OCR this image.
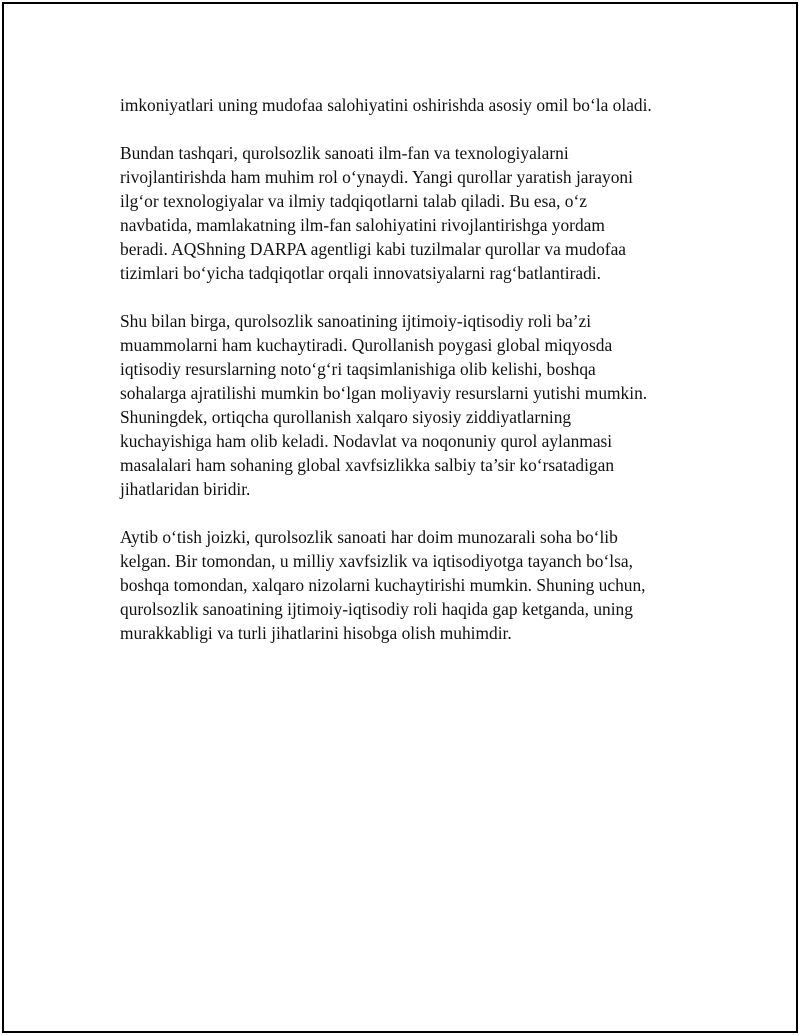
imkoniyatlari uning mudofaa salohiyatini oshirishda asosiy omil bo‘la oladi.

Bundan tashqari, qurolsozlik sanoati ilm-fan va texnologiyalarni
rivojlantirishda ham muhim rol o‘ynaydi. Yangi qurollar yaratish jarayoni
ilg‘or texnologiyalar va ilmiy tadqiqotlarni talab qiladi. Bu esa, o‘z
navbatida, mamlakatning ilm-fan salohiyatini rivojlantirishga yordam
beradi. AQShning DARPA agentligi kabi tuzilmalar qurollar va mudofaa
tizimlari bo‘yicha tadqiqotlar orqali innovatsiyalarni rag‘batlantiradi.

Shu bilan birga, qurolsozlik sanoatining ijtimoiy-iqtisodiy roli ba’zi
muammolarni ham kuchaytiradi. Qurollanish poygasi global miqyosda
iqtisodiy resurslarning noto‘g‘ri taqsimlanishiga olib kelishi, boshqa
sohalarga ajratilishi mumkin bo‘lgan moliyaviy resurslarni yutishi mumkin.
Shuningdek, ortiqcha qurollanish xalqaro siyosiy ziddiyatlarning
kuchayishiga ham olib keladi. Nodavlat va noqonuniy qurol aylanmasi
masalalari ham sohaning global xavfsizlikka salbiy ta’sir ko‘rsatadigan
jihatlaridan biridir.

Aytib o‘tish joizki, qurolsozlik sanoati har doim munozarali soha bo‘lib
kelgan. Bir tomondan, u milliy xavfsizlik va iqtisodiyotga tayanch bo‘lsa,
boshqa tomondan, xalqaro nizolarni kuchaytirishi mumkin. Shuning uchun,
qurolsozlik sanoatining ijtimoiy-iqtisodiy roli haqida gap ketganda, uning
murakkabligi va turli jihatlarini hisobga olish muhimdir.
